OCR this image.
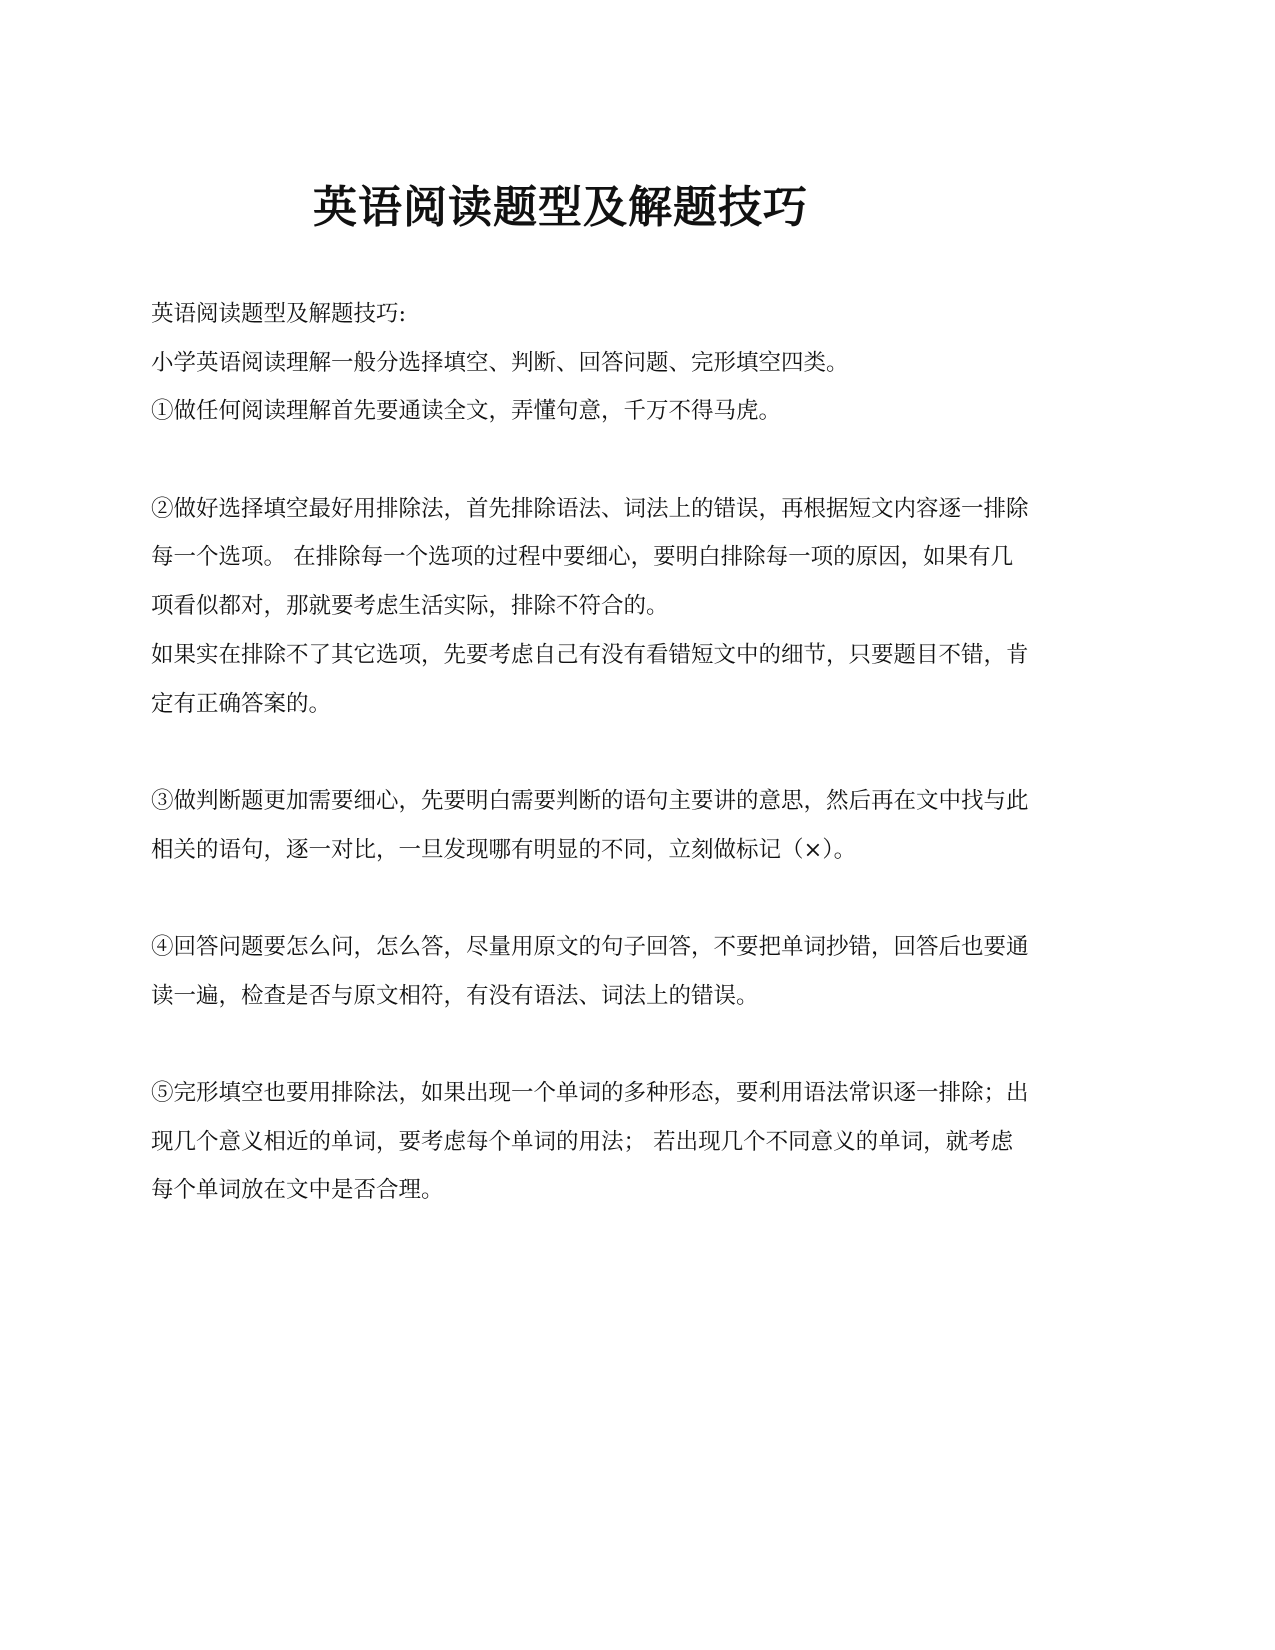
英语阅读题型及解题技巧
英语阅读题型及解题技巧:
小学英语阅读理解一般分选择填空、判断、回答问题、完形填空四类。
①做任何阅读理解首先要通读全文，弄懂句意，千万不得马虎。
②做好选择填空最好用排除法，首先排除语法、词法上的错误，再根据短文内容逐一排除
每一个选项。 在排除每一个选项的过程中要细心，要明白排除每一项的原因，如果有几
项看似都对，那就要考虑生活实际，排除不符合的。
如果实在排除不了其它选项，先要考虑自己有没有看错短文中的细节，只要题目不错，肯
定有正确答案的。
③做判断题更加需要细心，先要明白需要判断的语句主要讲的意思，然后再在文中找与此
相关的语句，逐一对比，一旦发现哪有明显的不同，立刻做标记（×）。
④回答问题要怎么问，怎么答，尽量用原文的句子回答，不要把单词抄错，回答后也要通
读一遍，检查是否与原文相符，有没有语法、词法上的错误。
⑤完形填空也要用排除法，如果出现一个单词的多种形态，要利用语法常识逐一排除；出
现几个意义相近的单词，要考虑每个单词的用法； 若出现几个不同意义的单词，就考虑
每个单词放在文中是否合理。
